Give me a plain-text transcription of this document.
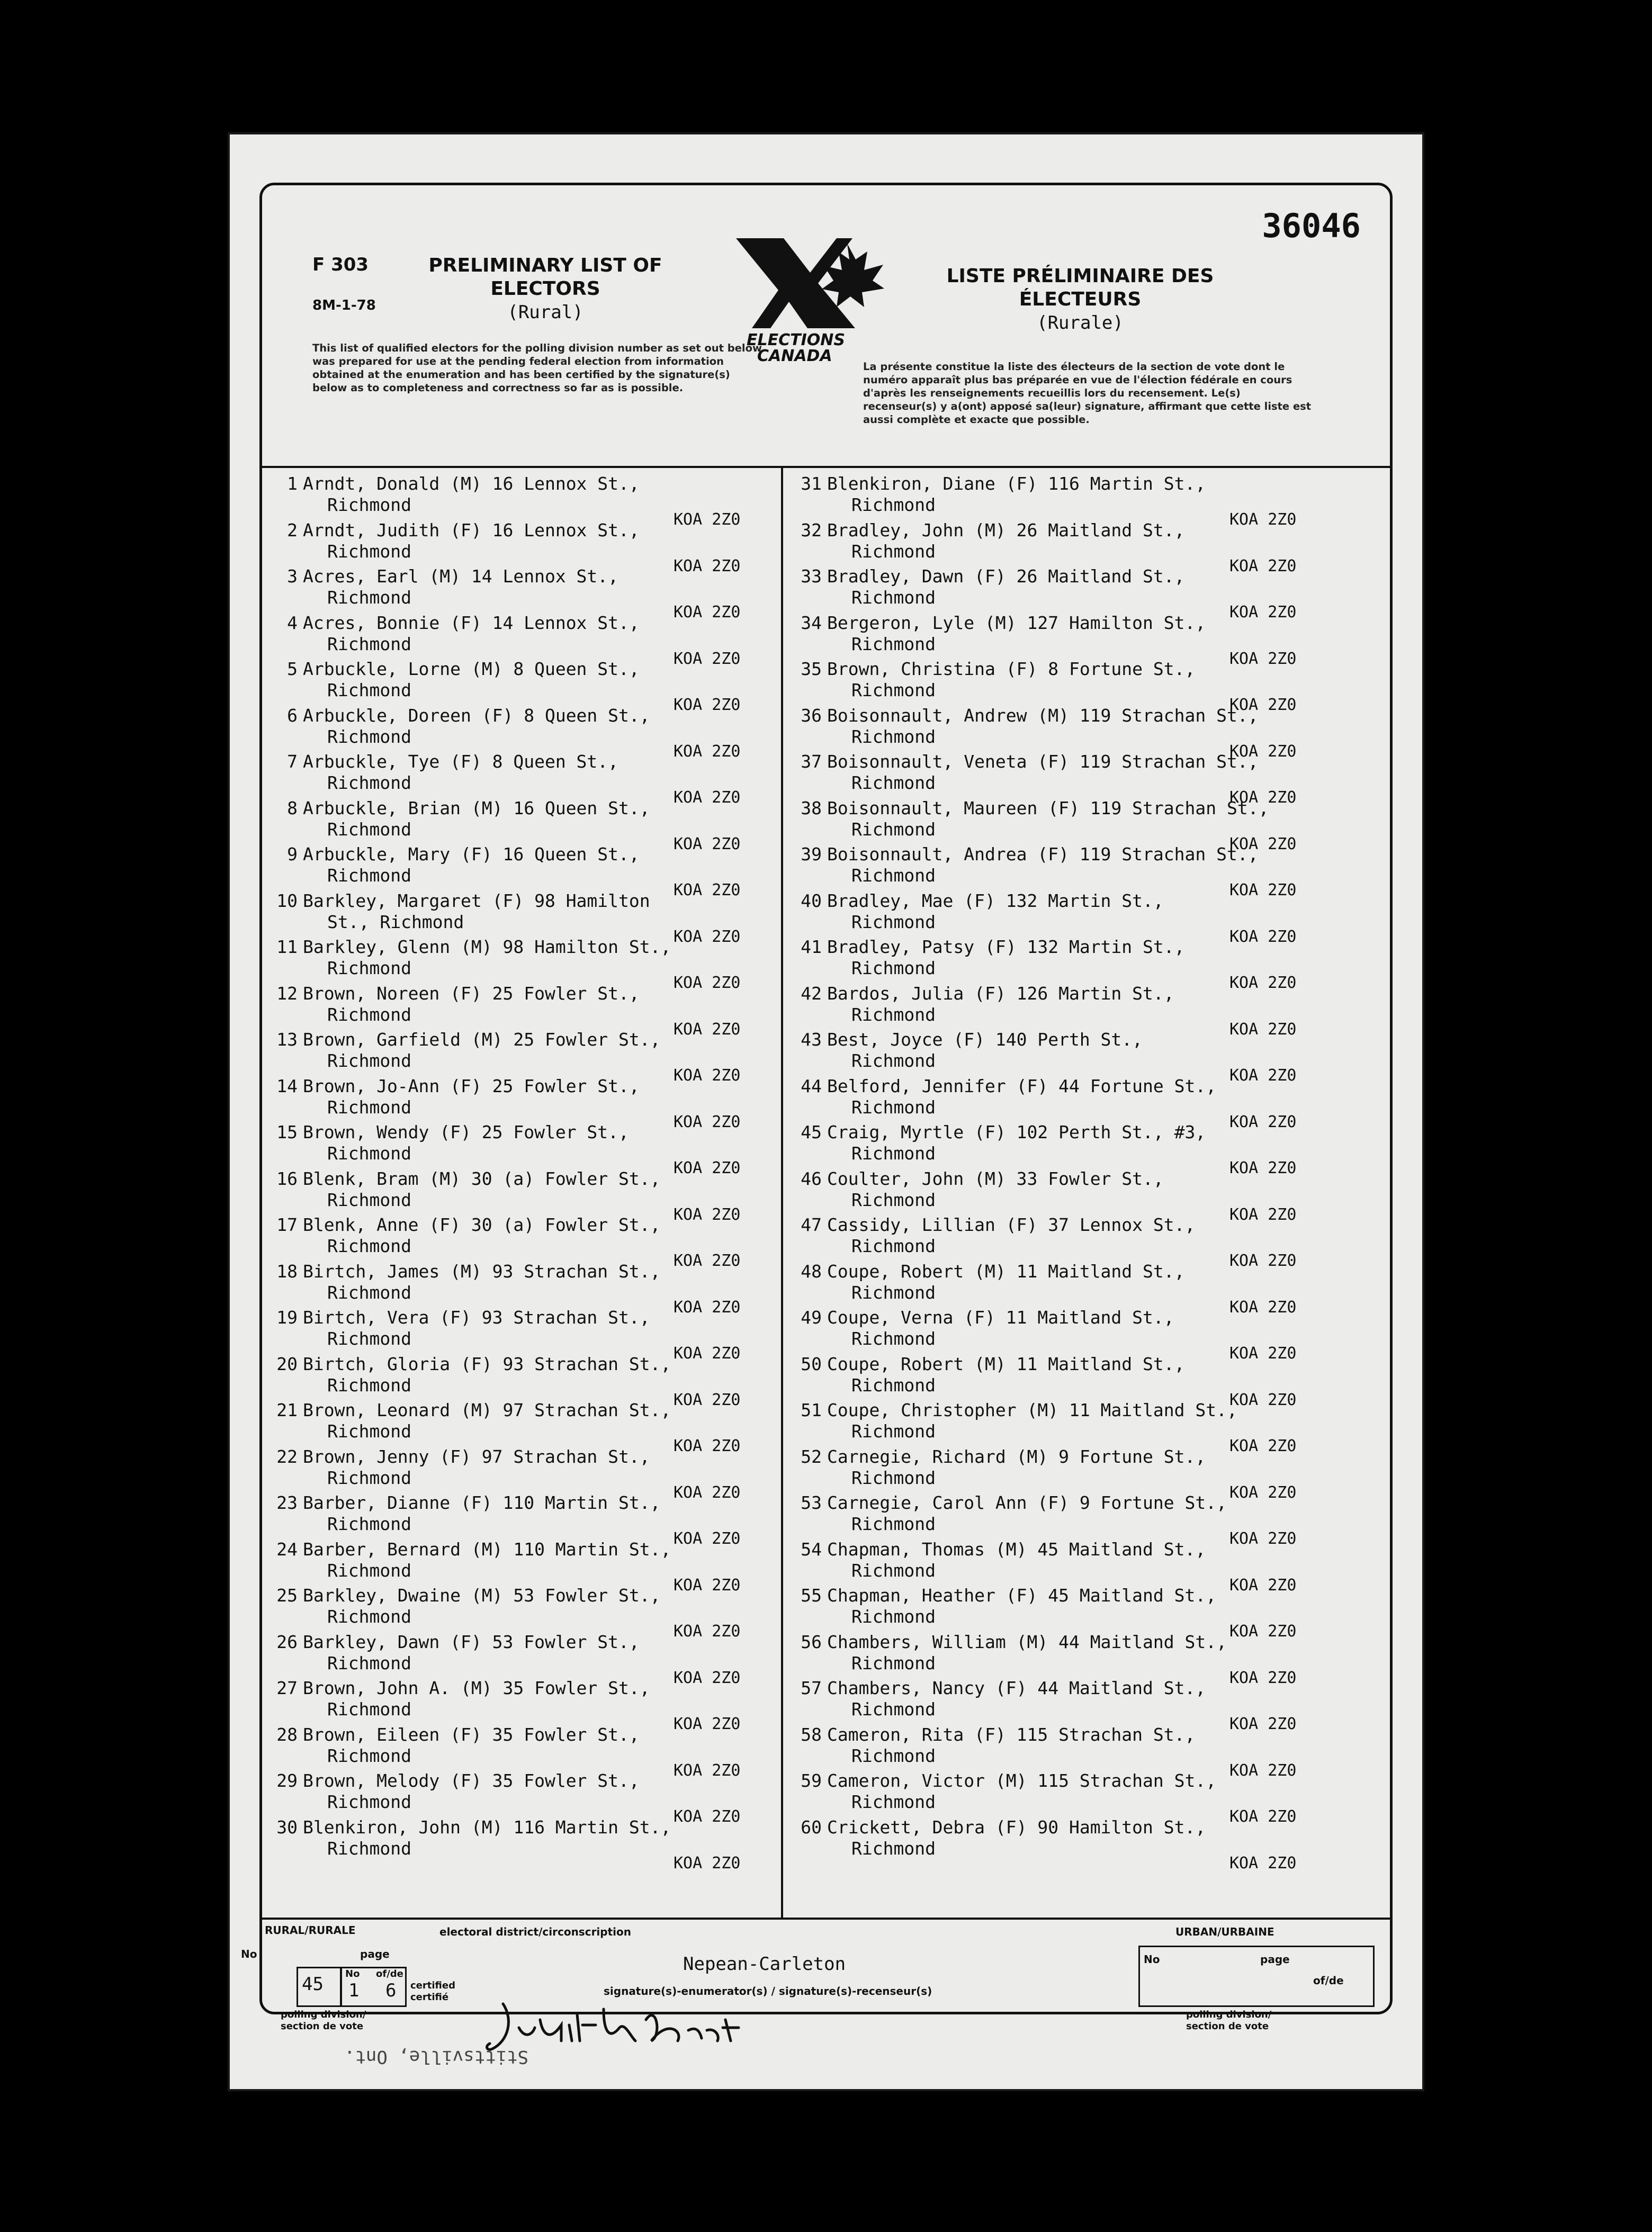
36046
F 303
8M-1-78
PRELIMINARY LIST OF ELECTORS
(Rural)
ELECTIONS
CANADA
LISTE PRÉLIMINAIRE DES ÉLECTEURS
(Rurale)
This list of qualified electors for the polling division number as set out below was prepared for use at the pending federal election from information obtained at the enumeration and has been certified by the signature(s) below as to completeness and correctness so far as is possible.
La présente constitue la liste des électeurs de la section de vote dont le numéro apparaît plus bas préparée en vue de l'élection fédérale en cours d'après les renseignements recueillis lors du recensement. Le(s) recenseur(s) y a(ont) apposé sa(leur) signature, affirmant que cette liste est aussi complète et exacte que possible.
1 Arndt, Donald (M) 16 Lennox St.,
Richmond
KOA 2Z0
2 Arndt, Judith (F) 16 Lennox St.,
Richmond
KOA 2Z0
3 Acres, Earl (M) 14 Lennox St.,
Richmond
KOA 2Z0
4 Acres, Bonnie (F) 14 Lennox St.,
Richmond
KOA 2Z0
5 Arbuckle, Lorne (M) 8 Queen St.,
Richmond
KOA 2Z0
6 Arbuckle, Doreen (F) 8 Queen St.,
Richmond
KOA 2Z0
7 Arbuckle, Tye (F) 8 Queen St.,
Richmond
KOA 2Z0
8 Arbuckle, Brian (M) 16 Queen St.,
Richmond
KOA 2Z0
9 Arbuckle, Mary (F) 16 Queen St.,
Richmond
KOA 2Z0
10 Barkley, Margaret (F) 98 Hamilton
St., Richmond
KOA 2Z0
11 Barkley, Glenn (M) 98 Hamilton St.,
Richmond
KOA 2Z0
12 Brown, Noreen (F) 25 Fowler St.,
Richmond
KOA 2Z0
13 Brown, Garfield (M) 25 Fowler St.,
Richmond
KOA 2Z0
14 Brown, Jo-Ann (F) 25 Fowler St.,
Richmond
KOA 2Z0
15 Brown, Wendy (F) 25 Fowler St.,
Richmond
KOA 2Z0
16 Blenk, Bram (M) 30 (a) Fowler St.,
Richmond
KOA 2Z0
17 Blenk, Anne (F) 30 (a) Fowler St.,
Richmond
KOA 2Z0
18 Birtch, James (M) 93 Strachan St.,
Richmond
KOA 2Z0
19 Birtch, Vera (F) 93 Strachan St.,
Richmond
KOA 2Z0
20 Birtch, Gloria (F) 93 Strachan St.,
Richmond
KOA 2Z0
21 Brown, Leonard (M) 97 Strachan St.,
Richmond
KOA 2Z0
22 Brown, Jenny (F) 97 Strachan St.,
Richmond
KOA 2Z0
23 Barber, Dianne (F) 110 Martin St.,
Richmond
KOA 2Z0
24 Barber, Bernard (M) 110 Martin St.,
Richmond
KOA 2Z0
25 Barkley, Dwaine (M) 53 Fowler St.,
Richmond
KOA 2Z0
26 Barkley, Dawn (F) 53 Fowler St.,
Richmond
KOA 2Z0
27 Brown, John A. (M) 35 Fowler St.,
Richmond
KOA 2Z0
28 Brown, Eileen (F) 35 Fowler St.,
Richmond
KOA 2Z0
29 Brown, Melody (F) 35 Fowler St.,
Richmond
KOA 2Z0
30 Blenkiron, John (M) 116 Martin St.,
Richmond
KOA 2Z0
31 Blenkiron, Diane (F) 116 Martin St.,
Richmond
KOA 2Z0
32 Bradley, John (M) 26 Maitland St.,
Richmond
KOA 2Z0
33 Bradley, Dawn (F) 26 Maitland St.,
Richmond
KOA 2Z0
34 Bergeron, Lyle (M) 127 Hamilton St.,
Richmond
KOA 2Z0
35 Brown, Christina (F) 8 Fortune St.,
Richmond
KOA 2Z0
36 Boisonnault, Andrew (M) 119 Strachan St.,
Richmond
KOA 2Z0
37 Boisonnault, Veneta (F) 119 Strachan St.,
Richmond
KOA 2Z0
38 Boisonnault, Maureen (F) 119 Strachan St.,
Richmond
KOA 2Z0
39 Boisonnault, Andrea (F) 119 Strachan St.,
Richmond
KOA 2Z0
40 Bradley, Mae (F) 132 Martin St.,
Richmond
KOA 2Z0
41 Bradley, Patsy (F) 132 Martin St.,
Richmond
KOA 2Z0
42 Bardos, Julia (F) 126 Martin St.,
Richmond
KOA 2Z0
43 Best, Joyce (F) 140 Perth St.,
Richmond
KOA 2Z0
44 Belford, Jennifer (F) 44 Fortune St.,
Richmond
KOA 2Z0
45 Craig, Myrtle (F) 102 Perth St., #3,
Richmond
KOA 2Z0
46 Coulter, John (M) 33 Fowler St.,
Richmond
KOA 2Z0
47 Cassidy, Lillian (F) 37 Lennox St.,
Richmond
KOA 2Z0
48 Coupe, Robert (M) 11 Maitland St.,
Richmond
KOA 2Z0
49 Coupe, Verna (F) 11 Maitland St.,
Richmond
KOA 2Z0
50 Coupe, Robert (M) 11 Maitland St.,
Richmond
KOA 2Z0
51 Coupe, Christopher (M) 11 Maitland St.,
Richmond
KOA 2Z0
52 Carnegie, Richard (M) 9 Fortune St.,
Richmond
KOA 2Z0
53 Carnegie, Carol Ann (F) 9 Fortune St.,
Richmond
KOA 2Z0
54 Chapman, Thomas (M) 45 Maitland St.,
Richmond
KOA 2Z0
55 Chapman, Heather (F) 45 Maitland St.,
Richmond
KOA 2Z0
56 Chambers, William (M) 44 Maitland St.,
Richmond
KOA 2Z0
57 Chambers, Nancy (F) 44 Maitland St.,
Richmond
KOA 2Z0
58 Cameron, Rita (F) 115 Strachan St.,
Richmond
KOA 2Z0
59 Cameron, Victor (M) 115 Strachan St.,
Richmond
KOA 2Z0
60 Crickett, Debra (F) 90 Hamilton St.,
Richmond
KOA 2Z0
RURAL/RURALE
No	page
45 No
1
of/de
6 certified certifié
polling division/ section de vote
electoral district/circonscription
Nepean-Carleton
signature(s)-enumerator(s) / signature(s)-recenseur(s)
URBAN/URBAINE
No	page
of/de
polling division/ section de vote
Stittsville, Ont.
